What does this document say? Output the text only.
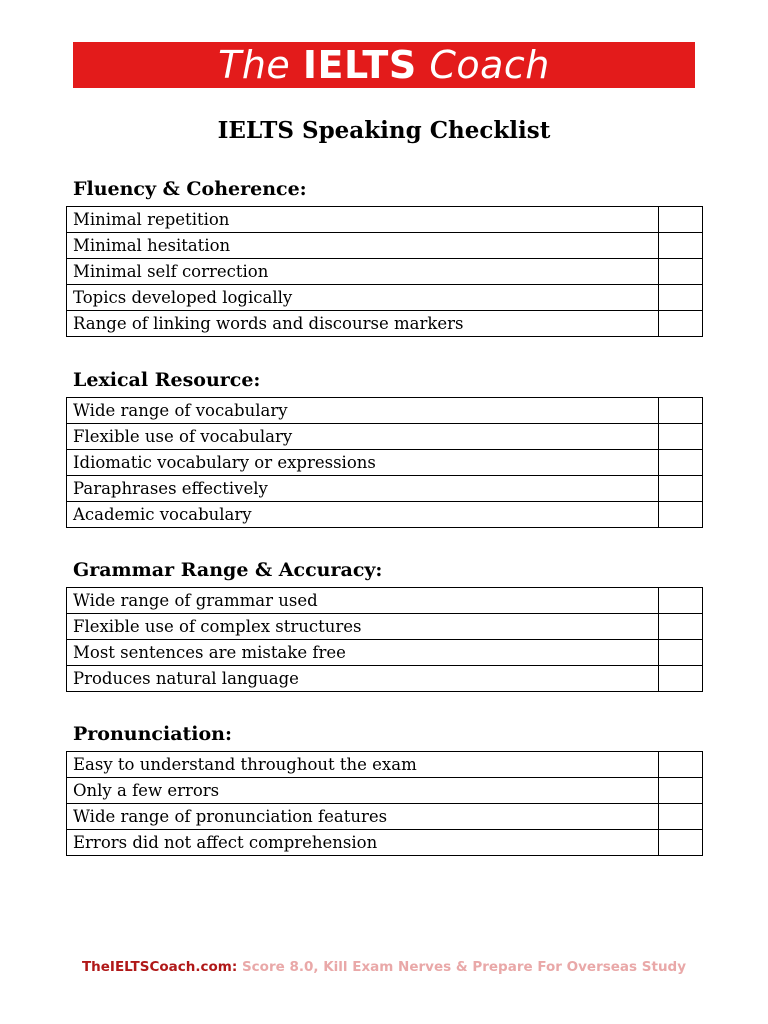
The IELTS Coach
IELTS Speaking Checklist
Fluency & Coherence:
Minimal repetition	
Minimal hesitation	
Minimal self correction	
Topics developed logically	
Range of linking words and discourse markers	
Lexical Resource:
Wide range of vocabulary	
Flexible use of vocabulary	
Idiomatic vocabulary or expressions	
Paraphrases effectively	
Academic vocabulary	
Grammar Range & Accuracy:
Wide range of grammar used	
Flexible use of complex structures	
Most sentences are mistake free	
Produces natural language	
Pronunciation:
Easy to understand throughout the exam	
Only a few errors	
Wide range of pronunciation features	
Errors did not affect comprehension	
TheIELTSCoach.com: Score 8.0, Kill Exam Nerves & Prepare For Overseas Study
